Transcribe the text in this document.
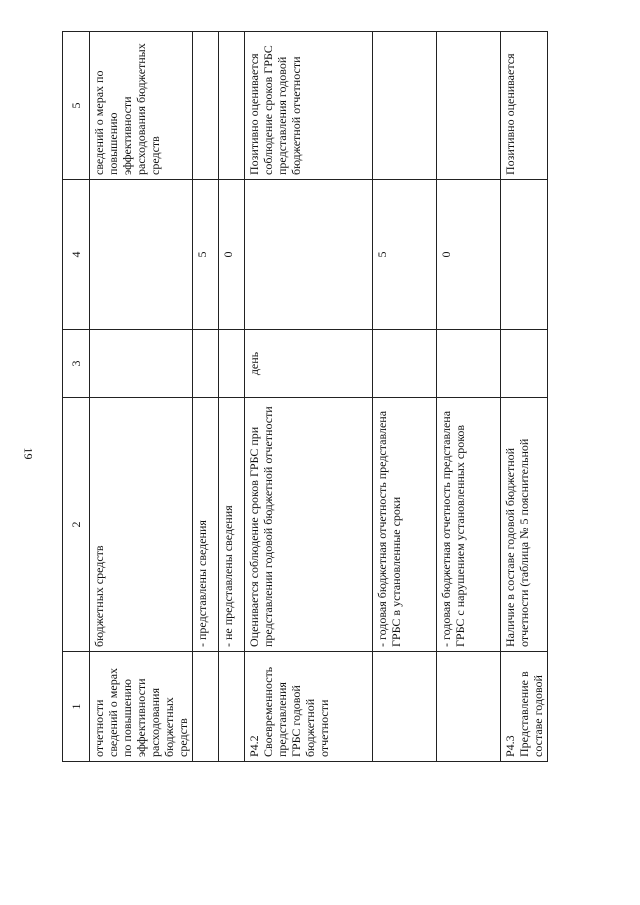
19
1	2	3	4	5
отчетности сведений о мерах по повышению эффективности расходования бюджетных средств	бюджетных средств			сведений о мерах по повышению эффективности расходования бюджетных средств
	- представлены сведения		5	
	- не представлены сведения		0	
Р4.2 Своевременность представления ГРБС годовой бюджетной отчетности	Оценивается соблюдение сроков ГРБС при представлении годовой бюджетной отчетности	день		Позитивно оценивается соблюдение сроков ГРБС представления годовой бюджетной отчетности
	- годовая бюджетная отчетность представлена ГРБС в установленные сроки		5	
	- годовая бюджетная отчетность представлена ГРБС с нарушением установленных сроков		0	
Р4.3 Представление в составе годовой	Наличие в составе годовой бюджетной отчетности (таблица № 5 пояснительной			Позитивно оценивается
